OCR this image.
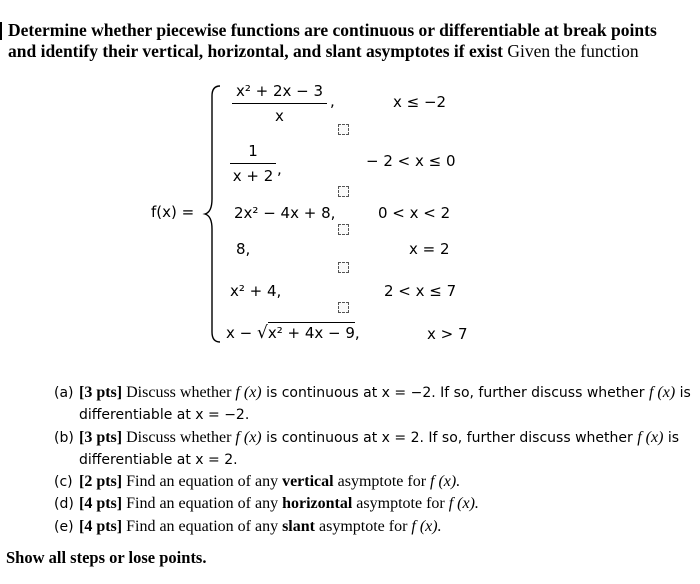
Determine whether piecewise functions are continuous or differentiable at break points and identify their vertical, horizontal, and slant asymptotes if exist Given the function
f(x) =
x² + 2x − 3
x
,	x ≤ −2
1
x + 2 ,	− 2 < x ≤ 0
2x² − 4x + 8,	0 < x < 2
8,	x = 2
x² + 4,	2 < x ≤ 7
x − √x² + 4x − 9,	x > 7
(a) [3 pts] Discuss whether f (x) is continuous at x = −2. If so, further discuss whether f (x) is
differentiable at x = −2.
(b) [3 pts] Discuss whether f (x) is continuous at x = 2. If so, further discuss whether f (x) is
differentiable at x = 2.
(c) [2 pts] Find an equation of any vertical asymptote for f (x).
(d) [4 pts] Find an equation of any horizontal asymptote for f (x).
(e) [4 pts] Find an equation of any slant asymptote for f (x).
Show all steps or lose points.
